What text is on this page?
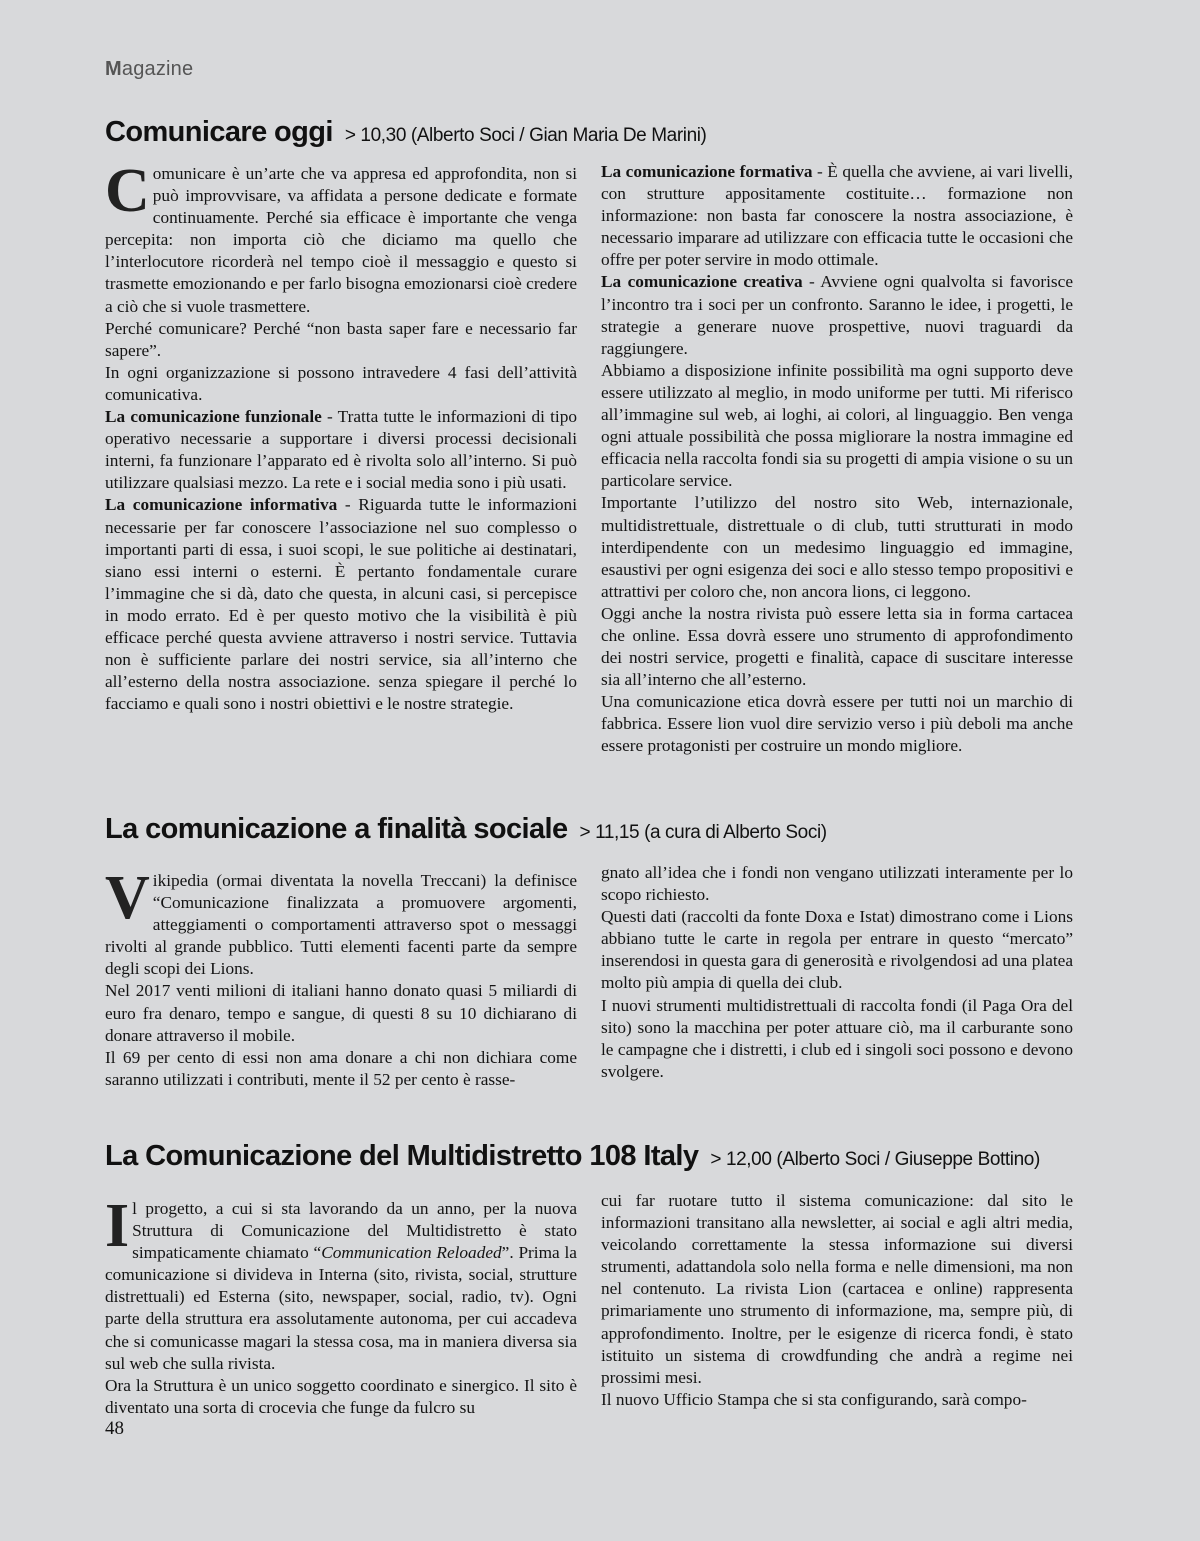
Magazine
Comunicare oggi > 10,30 (Alberto Soci / Gian Maria De Marini)

Comunicare è un’arte che va appresa ed approfondita, non si può improvvisare, va affidata a persone dedicate e formate continuamente. Perché sia efficace è importante che venga percepita: non importa ciò che diciamo ma quello che l’interlocutore ricorderà nel tempo cioè il messaggio e questo si trasmette emozionando e per farlo bisogna emozionarsi cioè credere a ciò che si vuole trasmettere.

Perché comunicare? Perché “non basta saper fare e necessario far sapere”.

In ogni organizzazione si possono intravedere 4 fasi dell’attività comunicativa.

La comunicazione funzionale - Tratta tutte le informazioni di tipo operativo necessarie a supportare i diversi processi decisionali interni, fa funzionare l’apparato ed è rivolta solo all’interno. Si può utilizzare qualsiasi mezzo. La rete e i social media sono i più usati.

La comunicazione informativa - Riguarda tutte le informazioni necessarie per far conoscere l’associazione nel suo complesso o importanti parti di essa, i suoi scopi, le sue politiche ai destinatari, siano essi interni o esterni. È pertanto fondamentale curare l’immagine che si dà, dato che questa, in alcuni casi, si percepisce in modo errato. Ed è per questo motivo che la visibilità è più efficace perché questa avviene attraverso i nostri service. Tuttavia non è sufficiente parlare dei nostri service, sia all’interno che all’esterno della nostra associazione. senza spiegare il perché lo facciamo e quali sono i nostri obiettivi e le nostre strategie.

La comunicazione formativa - È quella che avviene, ai vari livelli, con strutture appositamente costituite… formazione non informazione: non basta far conoscere la nostra associazione, è necessario imparare ad utilizzare con efficacia tutte le occasioni che offre per poter servire in modo ottimale.

La comunicazione creativa - Avviene ogni qualvolta si favorisce l’incontro tra i soci per un confronto. Saranno le idee, i progetti, le strategie a generare nuove prospettive, nuovi traguardi da raggiungere.

Abbiamo a disposizione infinite possibilità ma ogni supporto deve essere utilizzato al meglio, in modo uniforme per tutti. Mi riferisco all’immagine sul web, ai loghi, ai colori, al linguaggio. Ben venga ogni attuale possibilità che possa migliorare la nostra immagine ed efficacia nella raccolta fondi sia su progetti di ampia visione o su un particolare service.

Importante l’utilizzo del nostro sito Web, internazionale, multidistrettuale, distrettuale o di club, tutti strutturati in modo interdipendente con un medesimo linguaggio ed immagine, esaustivi per ogni esigenza dei soci e allo stesso tempo propositivi e attrattivi per coloro che, non ancora lions, ci leggono.

Oggi anche la nostra rivista può essere letta sia in forma cartacea che online. Essa dovrà essere uno strumento di approfondimento dei nostri service, progetti e finalità, capace di suscitare interesse sia all’interno che all’esterno.

Una comunicazione etica dovrà essere per tutti noi un marchio di fabbrica. Essere lion vuol dire servizio verso i più deboli ma anche essere protagonisti per costruire un mondo migliore.

La comunicazione a finalità sociale > 11,15 (a cura di Alberto Soci)

Vikipedia (ormai diventata la novella Treccani) la definisce “Comunicazione finalizzata a promuovere argomenti, atteggiamenti o comportamenti attraverso spot o messaggi rivolti al grande pubblico. Tutti elementi facenti parte da sempre degli scopi dei Lions.

Nel 2017 venti milioni di italiani hanno donato quasi 5 miliardi di euro fra denaro, tempo e sangue, di questi 8 su 10 dichiarano di donare attraverso il mobile.

Il 69 per cento di essi non ama donare a chi non dichiara come saranno utilizzati i contributi, mente il 52 per cento è rasse-

gnato all’idea che i fondi non vengano utilizzati interamente per lo scopo richiesto.

Questi dati (raccolti da fonte Doxa e Istat) dimostrano come i Lions abbiano tutte le carte in regola per entrare in questo “mercato” inserendosi in questa gara di generosità e rivolgendosi ad una platea molto più ampia di quella dei club.

I nuovi strumenti multidistrettuali di raccolta fondi (il Paga Ora del sito) sono la macchina per poter attuare ciò, ma il carburante sono le campagne che i distretti, i club ed i singoli soci possono e devono svolgere.

La Comunicazione del Multidistretto 108 Italy > 12,00 (Alberto Soci / Giuseppe Bottino)

Il progetto, a cui si sta lavorando da un anno, per la nuova Struttura di Comunicazione del Multidistretto è stato simpaticamente chiamato “Communication Reloaded”. Prima la comunicazione si divideva in Interna (sito, rivista, social, strutture distrettuali) ed Esterna (sito, newspaper, social, radio, tv). Ogni parte della struttura era assolutamente autonoma, per cui accadeva che si comunicasse magari la stessa cosa, ma in maniera diversa sia sul web che sulla rivista.

Ora la Struttura è un unico soggetto coordinato e sinergico. Il sito è diventato una sorta di crocevia che funge da fulcro su

cui far ruotare tutto il sistema comunicazione: dal sito le informazioni transitano alla newsletter, ai social e agli altri media, veicolando correttamente la stessa informazione sui diversi strumenti, adattandola solo nella forma e nelle dimensioni, ma non nel contenuto. La rivista Lion (cartacea e online) rappresenta primariamente uno strumento di informazione, ma, sempre più, di approfondimento. Inoltre, per le esigenze di ricerca fondi, è stato istituito un sistema di crowdfunding che andrà a regime nei prossimi mesi.

Il nuovo Ufficio Stampa che si sta configurando, sarà compo-

48
